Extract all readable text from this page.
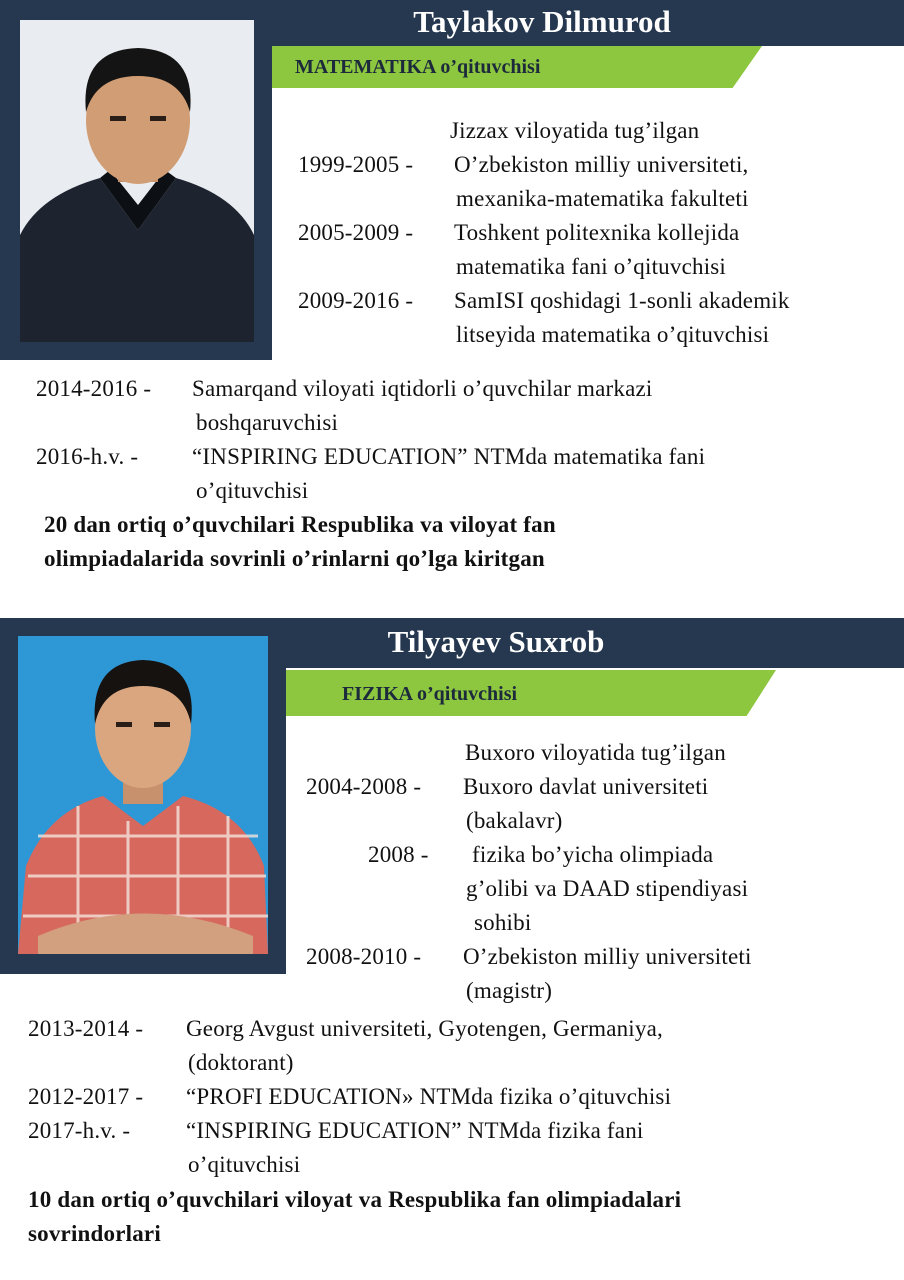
Taylakov Dilmurod
MATEMATIKA o’qituvchisi
Jizzax viloyatida tug’ilgan
1999-2005 - O’zbekiston milliy universiteti,
mexanika-matematika fakulteti
2005-2009 - Toshkent politexnika kollejida
matematika fani o’qituvchisi
2009-2016 - SamISI qoshidagi 1-sonli akademik
litseyida matematika o’qituvchisi
2014-2016 - Samarqand viloyati iqtidorli o’quvchilar markazi
boshqaruvchisi
2016-h.v. - “INSPIRING EDUCATION” NTMda matematika fani
o’qituvchisi
20 dan ortiq o’quvchilari Respublika va viloyat fan
olimpiadalarida sovrinli o’rinlarni qo’lga kiritgan
Tilyayev Suxrob
FIZIKA o’qituvchisi
Buxoro viloyatida tug’ilgan
2004-2008 - Buxoro davlat universiteti
(bakalavr)
2008 - fizika bo’yicha olimpiada
g’olibi va DAAD stipendiyasi
sohibi
2008-2010 - O’zbekiston milliy universiteti
(magistr)
2013-2014 - Georg Avgust universiteti, Gyotengen, Germaniya,
(doktorant)
2012-2017 - “PROFI EDUCATION» NTMda fizika o’qituvchisi
2017-h.v. - “INSPIRING EDUCATION” NTMda fizika fani
o’qituvchisi
10 dan ortiq o’quvchilari viloyat va Respublika fan olimpiadalari
sovrindorlari
